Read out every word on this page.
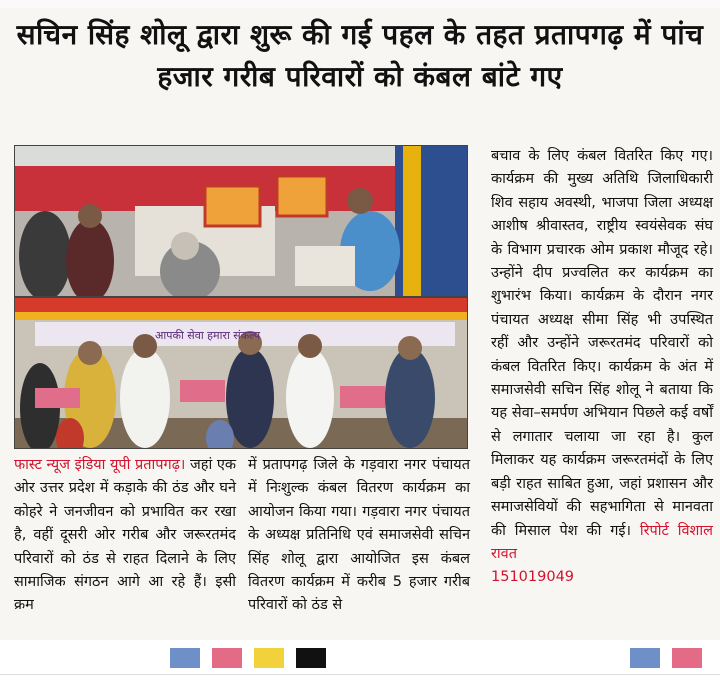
सचिन सिंह शोलू द्वारा शुरू की गई पहल के तहत प्रतापगढ़ में पांच हजार गरीब परिवारों को कंबल बांटे गए
आपकी सेवा हमारा संकल्प

फास्ट न्यूज इंडिया यूपी प्रतापगढ़। जहां एक ओर उत्तर प्रदेश में कड़ाके की ठंड और घने कोहरे ने जनजीवन को प्रभावित कर रखा है, वहीं दूसरी ओर गरीब और जरूरतमंद परिवारों को ठंड से राहत दिलाने के लिए सामाजिक संगठन आगे आ रहे हैं। इसी क्रम

में प्रतापगढ़ जिले के गड़वारा नगर पंचायत में निःशुल्क कंबल वितरण कार्यक्रम का आयोजन किया गया। गड़वारा नगर पंचायत के अध्यक्ष प्रतिनिधि एवं समाजसेवी सचिन सिंह शोलू द्वारा आयोजित इस कंबल वितरण कार्यक्रम में करीब 5 हजार गरीब परिवारों को ठंड से

बचाव के लिए कंबल वितरित किए गए। कार्यक्रम की मुख्य अतिथि जिलाधिकारी शिव सहाय अवस्थी, भाजपा जिला अध्यक्ष आशीष श्रीवास्तव, राष्ट्रीय स्वयंसेवक संघ के विभाग प्रचारक ओम प्रकाश मौजूद रहे। उन्होंने दीप प्रज्वलित कर कार्यक्रम का शुभारंभ किया। कार्यक्रम के दौरान नगर पंचायत अध्यक्ष सीमा सिंह भी उपस्थित रहीं और उन्होंने जरूरतमंद परिवारों को कंबल वितरित किए। कार्यक्रम के अंत में समाजसेवी सचिन सिंह शोलू ने बताया कि यह सेवा–समर्पण अभियान पिछले कई वर्षों से लगातार चलाया जा रहा है। कुल मिलाकर यह कार्यक्रम जरूरतमंदों के लिए बड़ी राहत साबित हुआ, जहां प्रशासन और समाजसेवियों की सहभागिता से मानवता की मिसाल पेश की गई। रिपोर्ट विशाल रावत
151019049
